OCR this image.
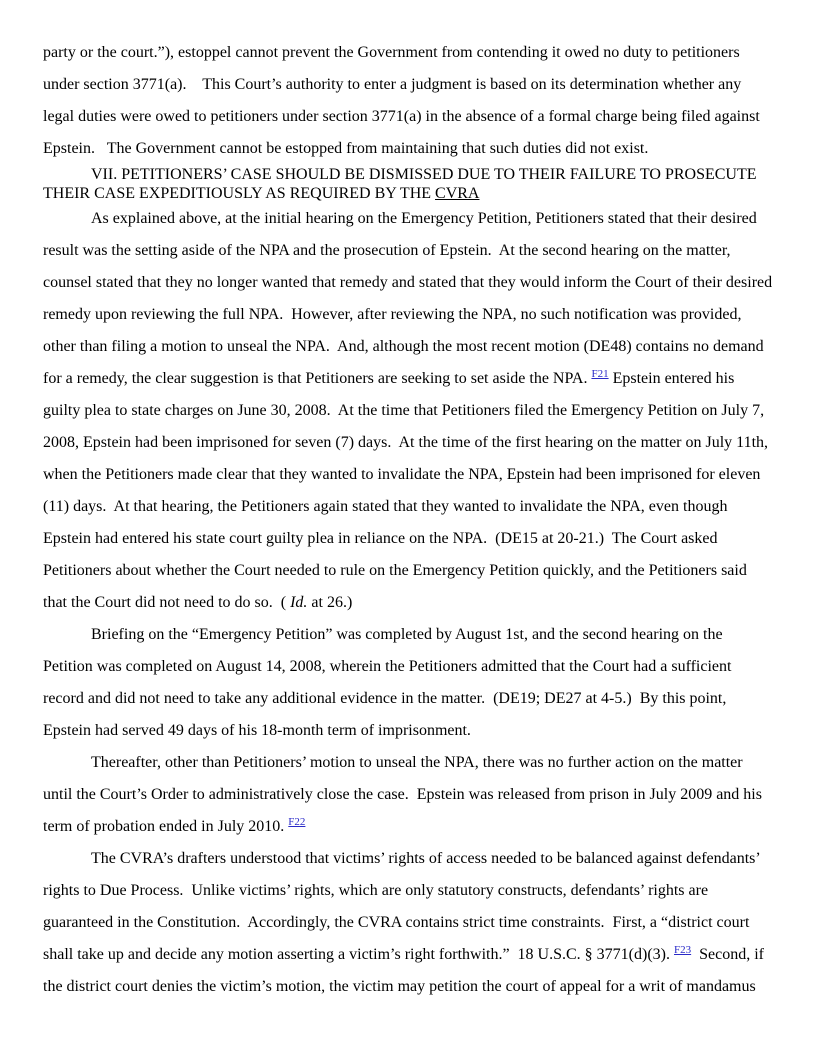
party or the court.”), estoppel cannot prevent the Government from contending it owed no duty to petitioners under section 3771(a).    This Court’s authority to enter a judgment is based on its determination whether any legal duties were owed to petitioners under section 3771(a) in the absence of a formal charge being filed against Epstein.   The Government cannot be estopped from maintaining that such duties did not exist.

VII. PETITIONERS’ CASE SHOULD BE DISMISSED DUE TO THEIR FAILURE TO PROSECUTE THEIR CASE EXPEDITIOUSLY AS REQUIRED BY THE CVRA

As explained above, at the initial hearing on the Emergency Petition, Petitioners stated that their desired result was the setting aside of the NPA and the prosecution of Epstein.  At the second hearing on the matter, counsel stated that they no longer wanted that remedy and stated that they would inform the Court of their desired remedy upon reviewing the full NPA.  However, after reviewing the NPA, no such notification was provided, other than filing a motion to unseal the NPA.  And, although the most recent motion (DE48) contains no demand for a remedy, the clear suggestion is that Petitioners are seeking to set aside the NPA. $^{F21}$ Epstein entered his guilty plea to state charges on June 30, 2008.  At the time that Petitioners filed the Emergency Petition on July 7, 2008, Epstein had been imprisoned for seven (7) days.  At the time of the first hearing on the matter on July 11th, when the Petitioners made clear that they wanted to invalidate the NPA, Epstein had been imprisoned for eleven (11) days.  At that hearing, the Petitioners again stated that they wanted to invalidate the NPA, even though Epstein had entered his state court guilty plea in reliance on the NPA.  (DE15 at 20-21.)  The Court asked Petitioners about whether the Court needed to rule on the Emergency Petition quickly, and the Petitioners said that the Court did not need to do so.  ( Id. at 26.)

Briefing on the “Emergency Petition” was completed by August 1st, and the second hearing on the Petition was completed on August 14, 2008, wherein the Petitioners admitted that the Court had a sufficient record and did not need to take any additional evidence in the matter.  (DE19; DE27 at 4-5.)  By this point, Epstein had served 49 days of his 18-month term of imprisonment.

Thereafter, other than Petitioners’ motion to unseal the NPA, there was no further action on the matter until the Court’s Order to administratively close the case.  Epstein was released from prison in July 2009 and his term of probation ended in July 2010. $^{F22}$

The CVRA’s drafters understood that victims’ rights of access needed to be balanced against defendants’ rights to Due Process.  Unlike victims’ rights, which are only statutory constructs, defendants’ rights are guaranteed in the Constitution.  Accordingly, the CVRA contains strict time constraints.  First, a “district court shall take up and decide any motion asserting a victim’s right forthwith.”  18 U.S.C. § 3771(d)(3). $^{F23}$  Second, if the district court denies the victim’s motion, the victim may petition the court of appeal for a writ of mandamus
